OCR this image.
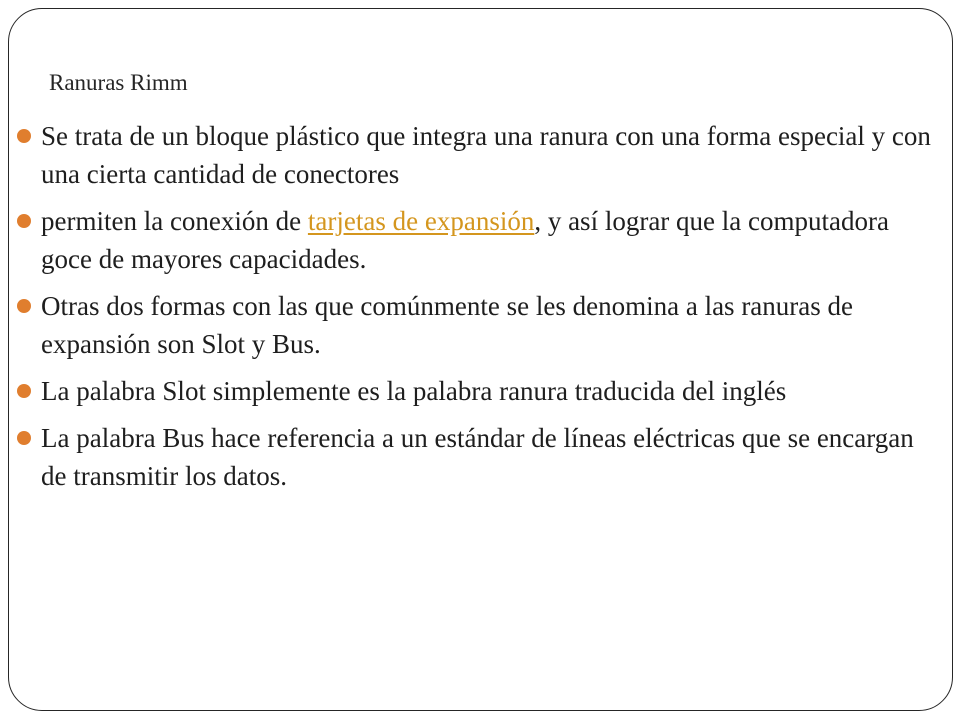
Ranuras Rimm
Se trata de un bloque plástico que integra una ranura con una forma especial y con una cierta cantidad de conectores
permiten la conexión de tarjetas de expansión, y así lograr que la computadora goce de mayores capacidades.
Otras dos formas con las que comúnmente se les denomina a las ranuras de expansión son Slot y Bus.
La palabra Slot simplemente es la palabra ranura traducida del inglés
La palabra Bus hace referencia a un estándar de líneas eléctricas que se encargan de transmitir los datos.
